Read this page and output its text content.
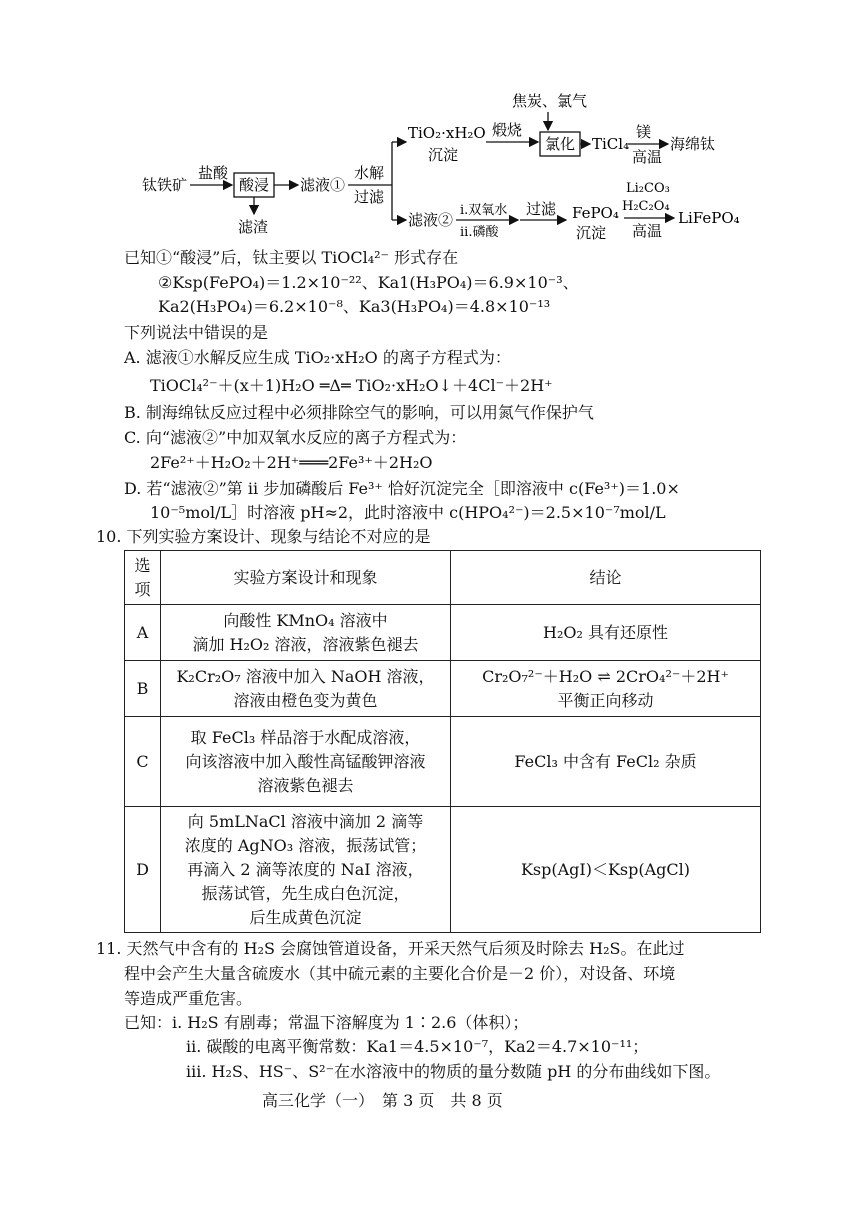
钛铁矿
盐酸
酸浸
滤渣
滤液①
水解
过滤
TiO₂·xH₂O
沉淀
煅烧
焦炭、氯气
氯化 TiCl₄
镁
高温
海绵钛
滤液②
i.双氧水
ii.磷酸
过滤 FePO₄
沉淀
Li₂CO₃
H₂C₂O₄
高温
LiFePO₄
已知①“酸浸”后，钛主要以 TiOCl₄²⁻ 形式存在
②Ksp(FePO₄)＝1.2×10⁻²²、Ka1(H₃PO₄)＝6.9×10⁻³、
Ka2(H₃PO₄)＝6.2×10⁻⁸、Ka3(H₃PO₄)＝4.8×10⁻¹³
下列说法中错误的是
A. 滤液①水解反应生成 TiO₂·xH₂O 的离子方程式为：
TiOCl₄²⁻＋(x＋1)H₂O ═Δ═ TiO₂·xH₂O↓＋4Cl⁻＋2H⁺
B. 制海绵钛反应过程中必须排除空气的影响，可以用氮气作保护气
C. 向“滤液②”中加双氧水反应的离子方程式为：
2Fe²⁺＋H₂O₂＋2H⁺═══2Fe³⁺＋2H₂O
D. 若“滤液②”第 ii 步加磷酸后 Fe³⁺ 恰好沉淀完全［即溶液中 c(Fe³⁺)＝1.0×
10⁻⁵mol/L］时溶液 pH≈2，此时溶液中 c(HPO₄²⁻)＝2.5×10⁻⁷mol/L
10. 下列实验方案设计、现象与结论不对应的是
选项	实验方案设计和现象	结论
A	向酸性 KMnO₄ 溶液中
滴加 H₂O₂ 溶液，溶液紫色褪去	H₂O₂ 具有还原性

B	K₂Cr₂O₇ 溶液中加入 NaOH 溶液，
溶液由橙色变为黄色	Cr₂O₇²⁻＋H₂O ⇌ 2CrO₄²⁻＋2H⁺
平衡正向移动

C	取 FeCl₃ 样品溶于水配成溶液，
向该溶液中加入酸性高锰酸钾溶液
溶液紫色褪去	FeCl₃ 中含有 FeCl₂ 杂质

D	向 5mLNaCl 溶液中滴加 2 滴等
浓度的 AgNO₃ 溶液，振荡试管；
再滴入 2 滴等浓度的 NaI 溶液，
振荡试管，先生成白色沉淀，
后生成黄色沉淀	Ksp(AgI)＜Ksp(AgCl)
11. 天然气中含有的 H₂S 会腐蚀管道设备，开采天然气后须及时除去 H₂S。在此过
程中会产生大量含硫废水（其中硫元素的主要化合价是－2 价），对设备、环境
等造成严重危害。
已知：ⅰ. H₂S 有剧毒；常温下溶解度为 1∶2.6（体积）；
ⅱ. 碳酸的电离平衡常数：Ka1＝4.5×10⁻⁷，Ka2＝4.7×10⁻¹¹；
ⅲ. H₂S、HS⁻、S²⁻在水溶液中的物质的量分数随 pH 的分布曲线如下图。
高三化学（一）　第 3 页　共 8 页
